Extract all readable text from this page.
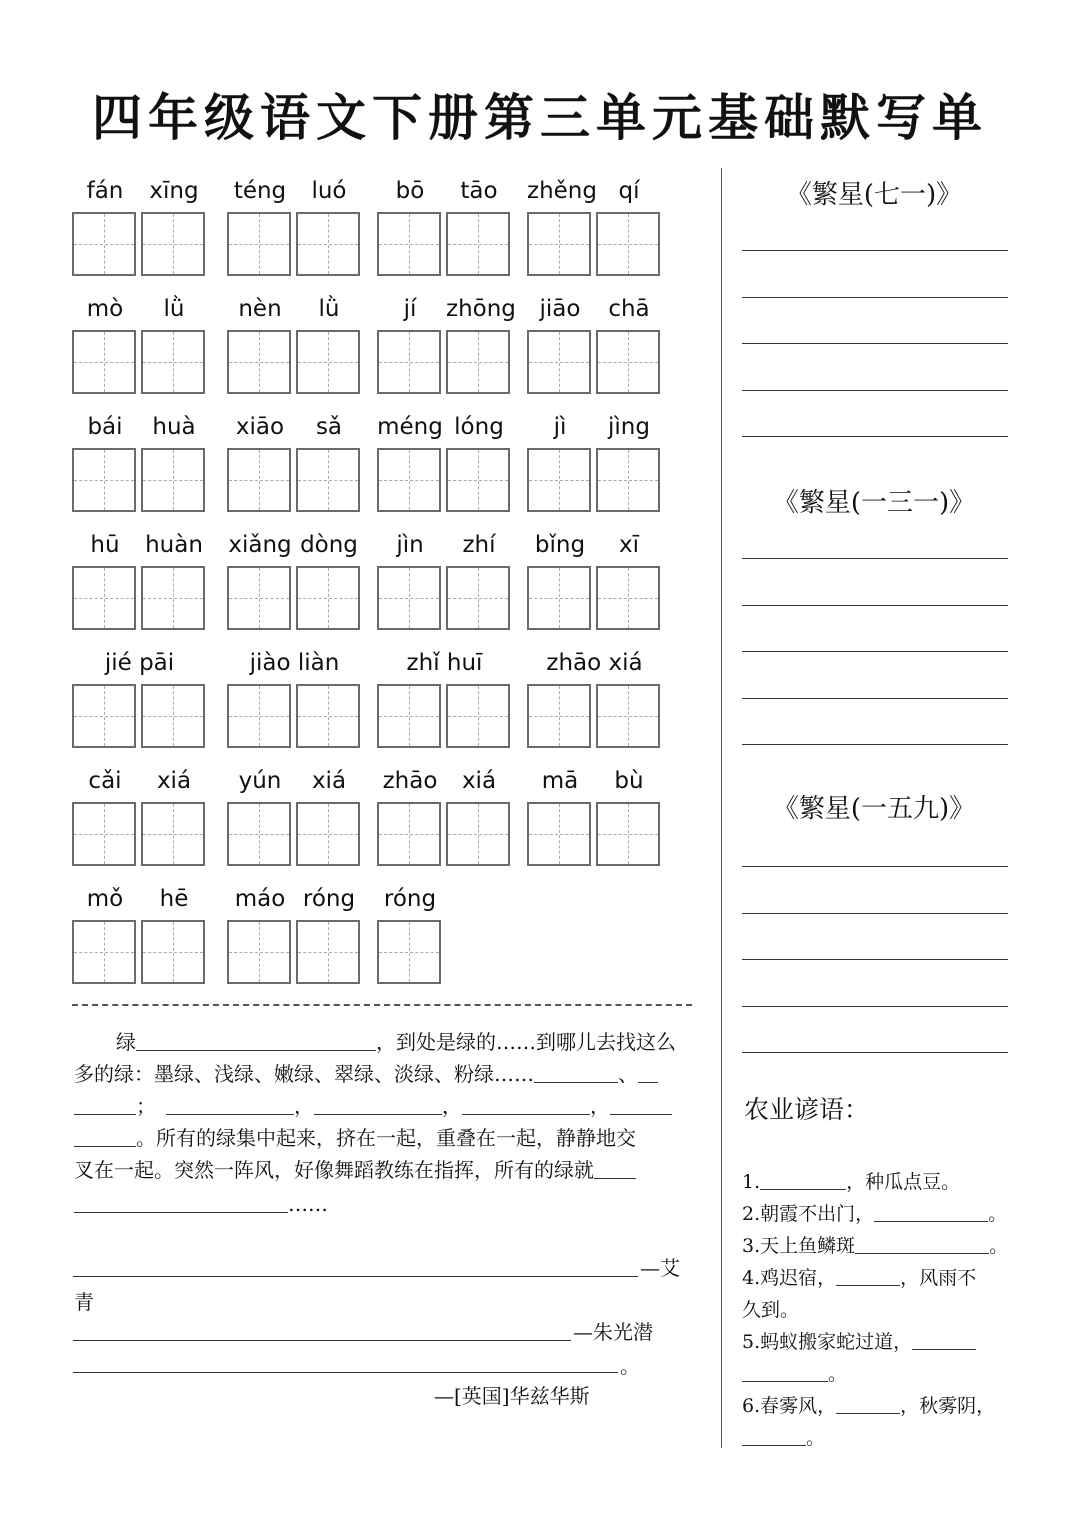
四年级语文下册第三单元基础默写单
fán	xīng	téng	luó	bō	tāo	zhěng qí
mò	lǜ	nèn	lǜ	jí	zhōng	jiāo	chā
bái	huà	xiāo	sǎ	méng lóng	jì	jìng
hū	huàn xiǎng dòng	jìn	zhí	bǐng	xī
jié pāi	jiào liàn	zhǐ huī	zhāo xiá
cǎi	xiá	yún	xiá	zhāo	xiá	mā	bù
mǒ	hē	máo róng	róng
绿	，到处是绿的……到哪儿去找这么
多的绿：墨绿、浅绿、嫩绿、翠绿、淡绿、粉绿……	、
；	，	，	，
。所有的绿集中起来，挤在一起，重叠在一起，静静地交
叉在一起。突然一阵风，好像舞蹈教练在指挥，所有的绿就
……
—艾
青
—朱光潜
。
—[英国]华兹华斯
《繁星(七一)》
《繁星(一三一)》
《繁星(一五九)》
农业谚语：
1.	，种瓜点豆。
2.朝霞不出门，	。
3.天上鱼鳞斑	。
4.鸡迟宿，	，风雨不
久到。
5.蚂蚁搬家蛇过道，
。
6.春雾风，	，秋雾阴，
。
